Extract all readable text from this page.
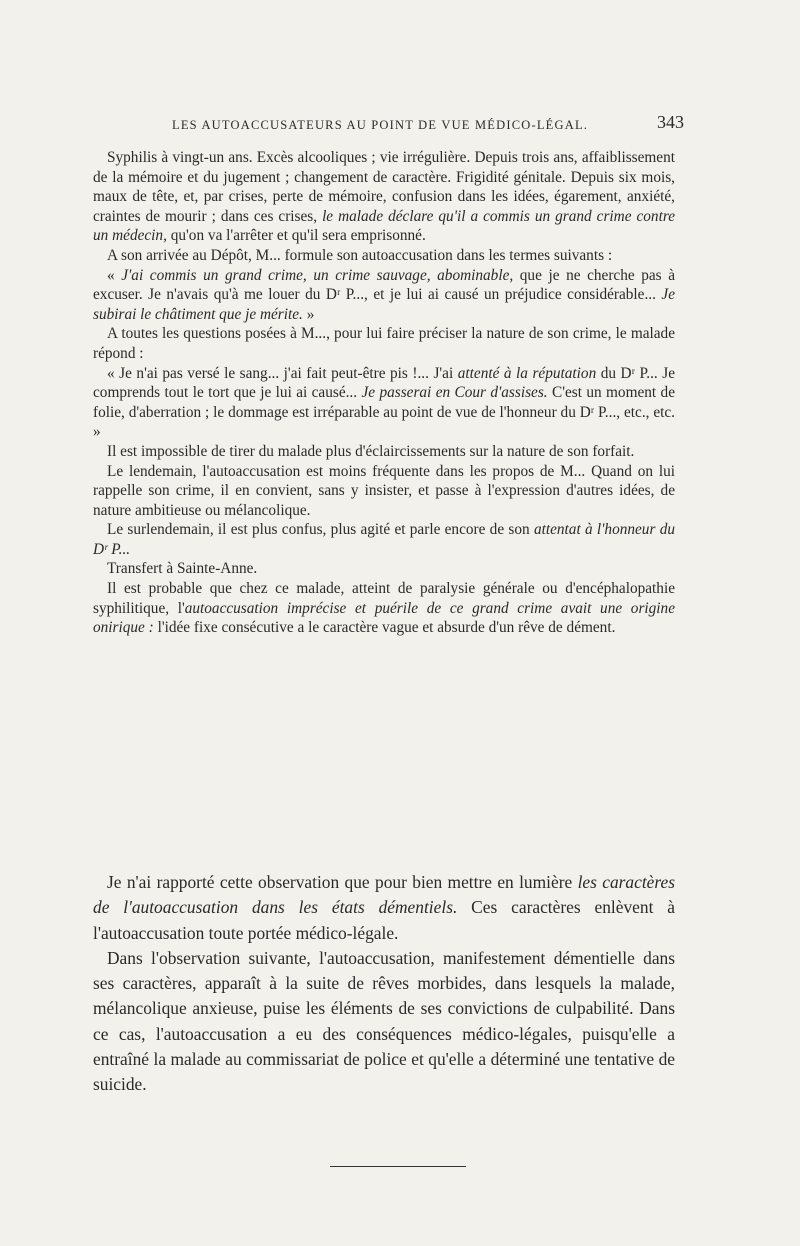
LES AUTOACCUSATEURS AU POINT DE VUE MÉDICO-LÉGAL.	343

Syphilis à vingt-un ans. Excès alcooliques ; vie irrégulière. Depuis trois ans, affaiblissement de la mémoire et du jugement ; changement de caractère. Frigidité génitale. Depuis six mois, maux de tête, et, par crises, perte de mémoire, confusion dans les idées, égarement, anxiété, craintes de mourir ; dans ces crises, le malade déclare qu'il a commis un grand crime contre un médecin, qu'on va l'arrêter et qu'il sera emprisonné.

A son arrivée au Dépôt, M... formule son autoaccusation dans les termes suivants :

« J'ai commis un grand crime, un crime sauvage, abominable, que je ne cherche pas à excuser. Je n'avais qu'à me louer du Dʳ P..., et je lui ai causé un préjudice considérable... Je subirai le châtiment que je mérite. »

A toutes les questions posées à M..., pour lui faire préciser la nature de son crime, le malade répond :

« Je n'ai pas versé le sang... j'ai fait peut-être pis !... J'ai attenté à la réputation du Dʳ P... Je comprends tout le tort que je lui ai causé... Je passerai en Cour d'assises. C'est un moment de folie, d'aberration ; le dommage est irréparable au point de vue de l'honneur du Dʳ P..., etc., etc. »

Il est impossible de tirer du malade plus d'éclaircissements sur la nature de son forfait.

Le lendemain, l'autoaccusation est moins fréquente dans les propos de M... Quand on lui rappelle son crime, il en convient, sans y insister, et passe à l'expression d'autres idées, de nature ambitieuse ou mélancolique.

Le surlendemain, il est plus confus, plus agité et parle encore de son attentat à l'honneur du Dʳ P...

Transfert à Sainte-Anne.

Il est probable que chez ce malade, atteint de paralysie générale ou d'encéphalopathie syphilitique, l'autoaccusation imprécise et puérile de ce grand crime avait une origine onirique : l'idée fixe consécutive a le caractère vague et absurde d'un rêve de dément.

Je n'ai rapporté cette observation que pour bien mettre en lumière les caractères de l'autoaccusation dans les états démentiels. Ces caractères enlèvent à l'autoaccusation toute portée médico-légale.

Dans l'observation suivante, l'autoaccusation, manifestement démentielle dans ses caractères, apparaît à la suite de rêves morbides, dans lesquels la malade, mélancolique anxieuse, puise les éléments de ses convictions de culpabilité. Dans ce cas, l'autoaccusation a eu des conséquences médico-légales, puisqu'elle a entraîné la malade au commissariat de police et qu'elle a déterminé une tentative de suicide.
